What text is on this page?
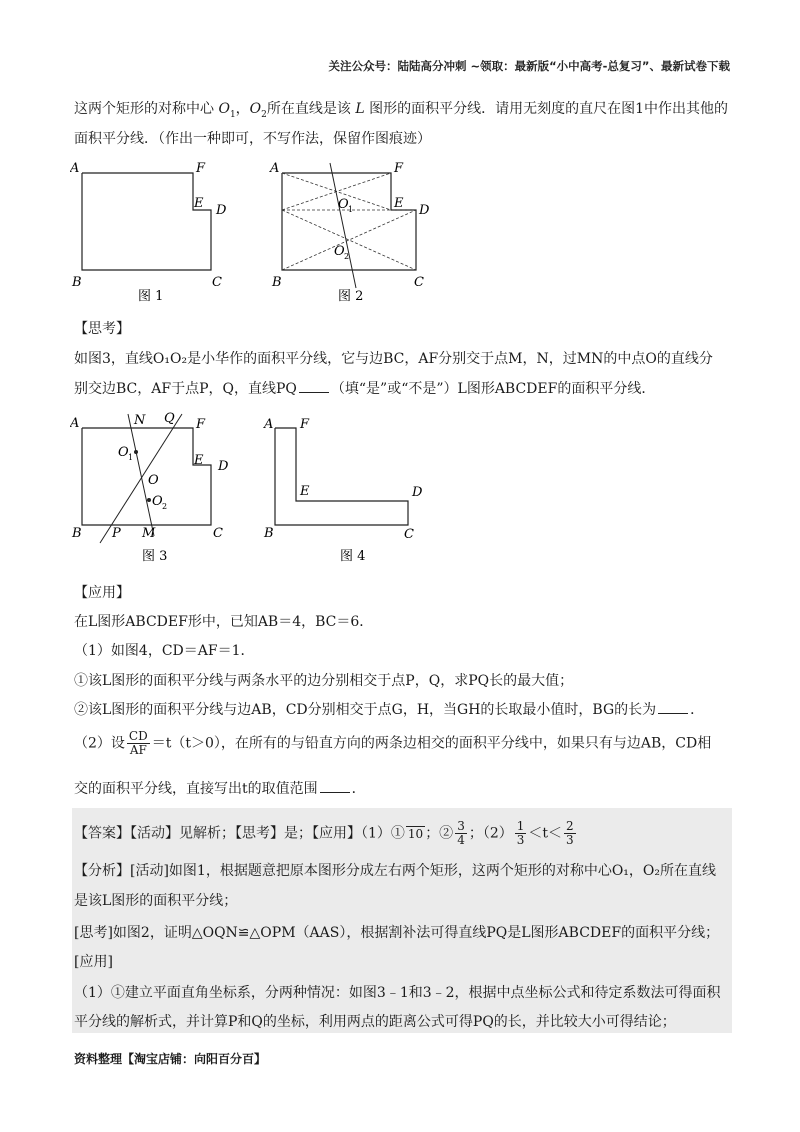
关注公众号：陆陆高分冲刺 ~领取：最新版“小中高考-总复习”、最新试卷下载
这两个矩形的对称中心 $O_1$，$O_2$所在直线是该 L 图形的面积平分线．请用无刻度的直尺在图1中作出其他的
面积平分线．（作出一种即可，不写作法，保留作图痕迹）
A	F
E D
B	C
图 1
A	F
E D
O 1
O 2
B	C
图 2
【思考】
如图3，直线O₁O₂是小华作的面积平分线，它与边BC，AF分别交于点M，N，过MN的中点O的直线分
别交边BC，AF于点P，Q，直线PQ （填“是”或“不是”）L图形ABCDEF的面积平分线．
A	N Q F
O 1	E D
O
O 2
B P M	C
图 3
A F
E	D
B	C
图 4
【应用】
在L图形ABCDEF形中，已知AB＝4，BC＝6．
（1）如图4，CD＝AF＝1．
①该L图形的面积平分线与两条水平的边分别相交于点P，Q，求PQ长的最大值；
②该L图形的面积平分线与边AB，CD分别相交于点G，H，当GH的长取最小值时，BG的长为 ．
（2）设 $\frac{CD}{AF} =t(t>0)$，在所有的与铅直方向的两条边相交的面积平分线中，如果只有与边AB，CD相
交的面积平分线，直接写出t的取值范围 ．
【答案】【活动】见解析；【思考】是；【应用】（1）① 10 ；② $\frac{3}{4}$ ；$(2) \frac{1}{3} <t< \frac{2}{3}$
【分析】[活动]如图1，根据题意把原本图形分成左右两个矩形，这两个矩形的对称中心O₁，O₂所在直线
是该L图形的面积平分线；
[思考]如图2，证明△OQN≌△OPM（AAS），根据割补法可得直线PQ是L图形ABCDEF的面积平分线；
[应用]
（1）①建立平面直角坐标系，分两种情况：如图3﹣1和3﹣2，根据中点坐标公式和待定系数法可得面积
平分线的解析式，并计算P和Q的坐标，利用两点的距离公式可得PQ的长，并比较大小可得结论；
资料整理【淘宝店铺：向阳百分百】
